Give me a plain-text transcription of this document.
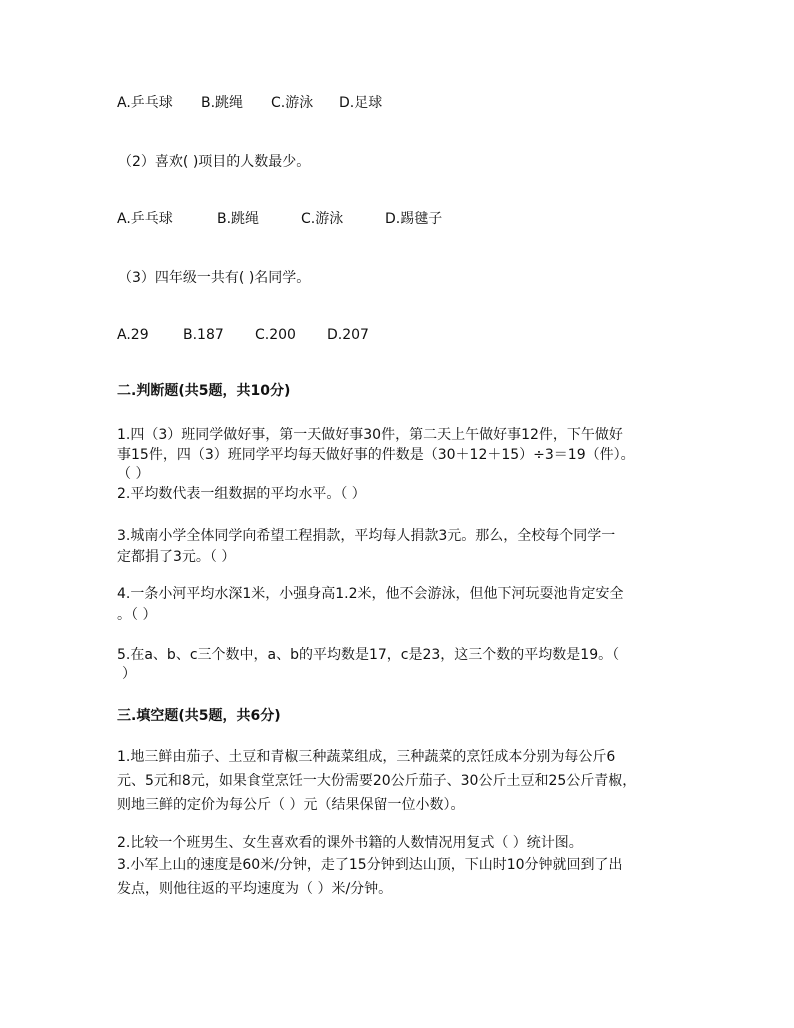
A.乒乓球 B.跳绳 C.游泳 D.足球
（2）喜欢( )项目的人数最少。
A.乒乓球	B.跳绳	C.游泳	D.踢毽子
（3）四年级一共有( )名同学。
A.29 B.187 C.200 D.207
二.判断题(共5题，共10分)
1.四（3）班同学做好事，第一天做好事30件，第二天上午做好事12件，下午做好
事15件，四（3）班同学平均每天做好事的件数是（30＋12＋15）÷3＝19（件）。
（ ）
2.平均数代表一组数据的平均水平。（ ）
3.城南小学全体同学向希望工程捐款，平均每人捐款3元。那么，全校每个同学一
定都捐了3元。（ ）
4.一条小河平均水深1米，小强身高1.2米，他不会游泳，但他下河玩耍池肯定安全
。（ ）
5.在a、b、c三个数中，a、b的平均数是17，c是23，这三个数的平均数是19。（
）
三.填空题(共5题，共6分)
1.地三鲜由茄子、土豆和青椒三种蔬菜组成，三种蔬菜的烹饪成本分别为每公斤6
元、5元和8元，如果食堂烹饪一大份需要20公斤茄子、30公斤土豆和25公斤青椒，
则地三鲜的定价为每公斤（ ）元（结果保留一位小数）。
2.比较一个班男生、女生喜欢看的课外书籍的人数情况用复式（ ）统计图。
3.小军上山的速度是60米/分钟，走了15分钟到达山顶，下山时10分钟就回到了出
发点，则他往返的平均速度为（ ）米/分钟。
